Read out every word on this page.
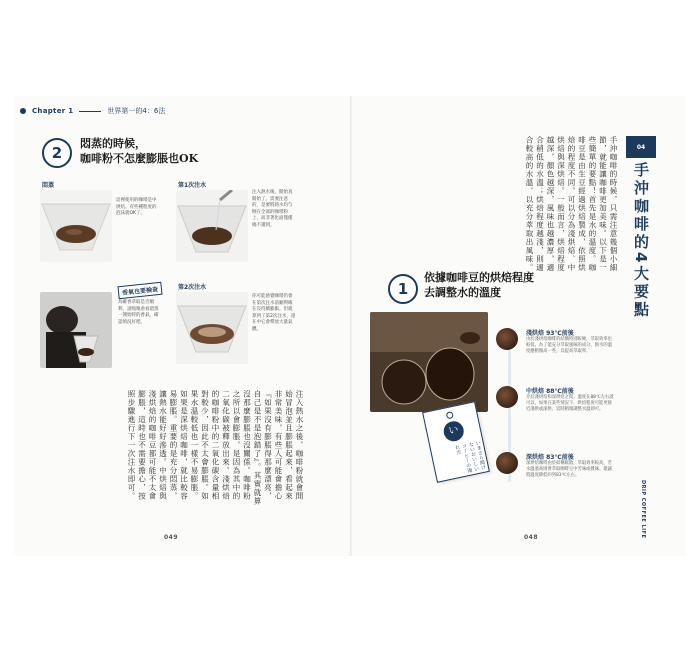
Chapter 1	世界第一的4：6法
2
悶蒸的時候，
咖啡粉不怎麼膨脹也OK
悶蒸
這裡使用的咖啡是中烘焙。有些種程度的泡沫就OK了。
第1次注水
注入熱水後，開始真開始了。需要注意的，是要將熱水均勻倒在全部的咖啡粉上，而非著化面僅僅繞不讀到。
香氣也要檢查
為確香草取是否順利，請嗅嗅看看悶蒸一開始時的香氣，確認情況好吧。
第2次注水
你可能感覺咖啡仍會在第次注水前順利確在沒持續膨脹。但就算到了第2次注水，還在中它會釋放大量氣體。
注入熱水之後，咖啡粉就會開始冒泡並且膨脹起來，看起來非常美味，有些人可能會擔心『如果沒有膨脹得那麼漂亮，自己是不是泡錯了』。其實就算沒那麼膨脹也沒關係。咖啡粉之所以會膨脹，是因為其中的二氧化碳被釋放出來。淺烘焙的咖啡粉中的二氧化碳含量相對較少，因此不太會膨脹。如果水溫較低也一樣不易膨脹。如果是深烘焙咖啡，就比較容易膨脹。重要的是充分悶蒸，讓熱水能好好滲透。中烘焙與淺烘焙的咖啡豆都可能不太會膨脹，這時也不需要擔心，按照步驟進行下一次注水即可。
049
04
手沖咖啡的4大要點
手沖咖啡的時候，只需注意幾個小細節，就能讓咖啡更加美味。以下是一些簡單的要點！首先是水的溫度。咖啡豆是由生豆經過烘焙製成，依照烘焙的程度不同，可以分為淺烘焙、中烘焙與深烘焙。一般而言，烘焙程度越深，顏色越深，風味也越濃厚，適合稍低的水溫；烘焙程度越淺，則適合較高的水溫，以充分萃取出風味。
1
依據咖啡豆的烘焙程度
去調整水的溫度
い
いまさら聞けないおいしいコーヒーの淹れ方
淺烘焙 93℃前後
由於淺烘焙咖啡的結構特別較硬，萃取效率也較低。為了能充分萃取風味的成分，熱水的溫度應稍微高一些，以提高萃取率。
中烘焙 88℃前後
介於淺烘焙和深烘焙之間。溫度在88℃左右就可以，如果在某些情況下，烘焙程度可能更接近淺烘或深烘，這時稍微調整水溫即可。
深烘焙 83℃前後
深烘焙咖啡由於結構鬆散，萃取效率較高，若水溫過高則會萃取咖啡豆中苦味或雜味。建議將溫度降低約到83℃左右。
DRIP COFFEE LIFE
048
